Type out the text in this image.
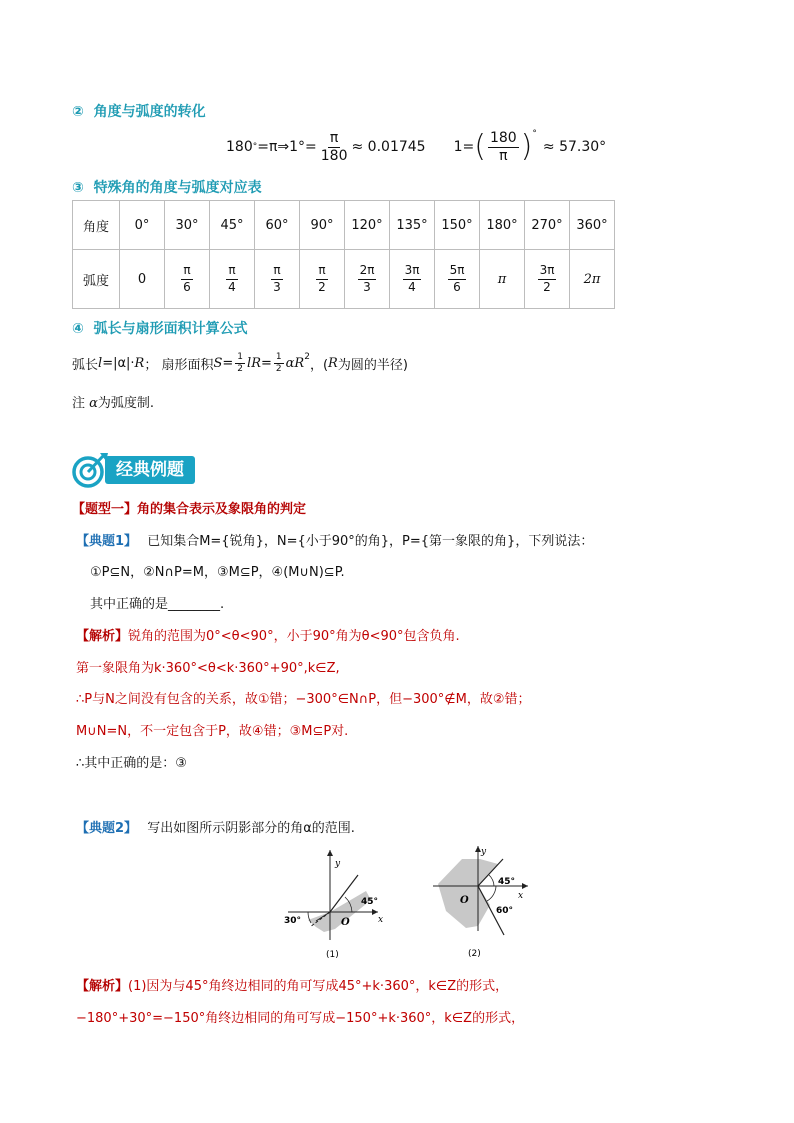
② 角度与弧度的转化
180 ° =π⇒1°= $\frac{\pi}{180} \approx 0.01745$ 1= ( $\frac{180}{\pi} )^\circ$
≈ 57.30°
③ 特殊角的角度与弧度对应表
角度	0°	30°	45°	60°	90°	120°	135°	150°	180°	270°	360°
弧度	0	$\frac{\pi}{6}$	$\frac{\pi}{4}$	$\frac{\pi}{3}$	$\frac{\pi}{2}$	$\frac{2\pi}{3}$	$\frac{3\pi}{4}$	$\frac{5\pi}{6}$	π	$\frac{3\pi}{2}$	2π
④ 弧长与扇形面积计算公式
弧长 l =|α|· R ； 扇形面积 $S = \frac{1}{2}$ lR = $\frac{1}{2} \alpha R^2$
，( R 为圆的半径)
注 α为弧度制.
经典例题
【题型一】角的集合表示及象限角的判定
【典题1】 已知集合M={锐角}，N={小于90°的角}，P={第一象限的角}，下列说法：
①P⊆N，②N∩P=M，③M⊆P，④(M∪N)⊆P.
其中正确的是________.
【解析】锐角的范围为0°<θ<90°，小于90°角为θ<90°包含负角.
第一象限角为k·360°<θ<k·360°+90°,k∈Z,
∴P与N之间没有包含的关系，故①错；−300°∈N∩P，但−300°∉M，故②错；
M∪N=N，不一定包含于P，故④错；③M⊆P对.
∴其中正确的是：③
【典题2】 写出如图所示阴影部分的角α的范围.
y
x
O
45°
30°
(1)
y
x
O
45°
60°
(2)
【解析】(1)因为与45°角终边相同的角可写成45°+k·360°，k∈Z的形式，
−180°+30°=−150°角终边相同的角可写成−150°+k·360°，k∈Z的形式，
